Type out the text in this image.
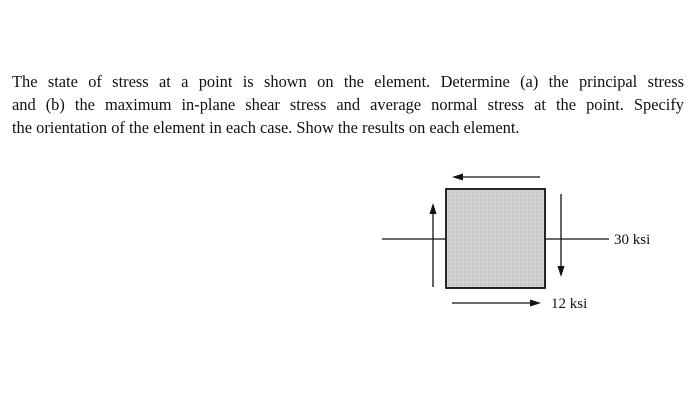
The state of stress at a point is shown on the element. Determine (a) the principal stress
and (b) the maximum in-plane shear stress and average normal stress at the point. Specify
the orientation of the element in each case. Show the results on each element.
30 ksi
12 ksi
